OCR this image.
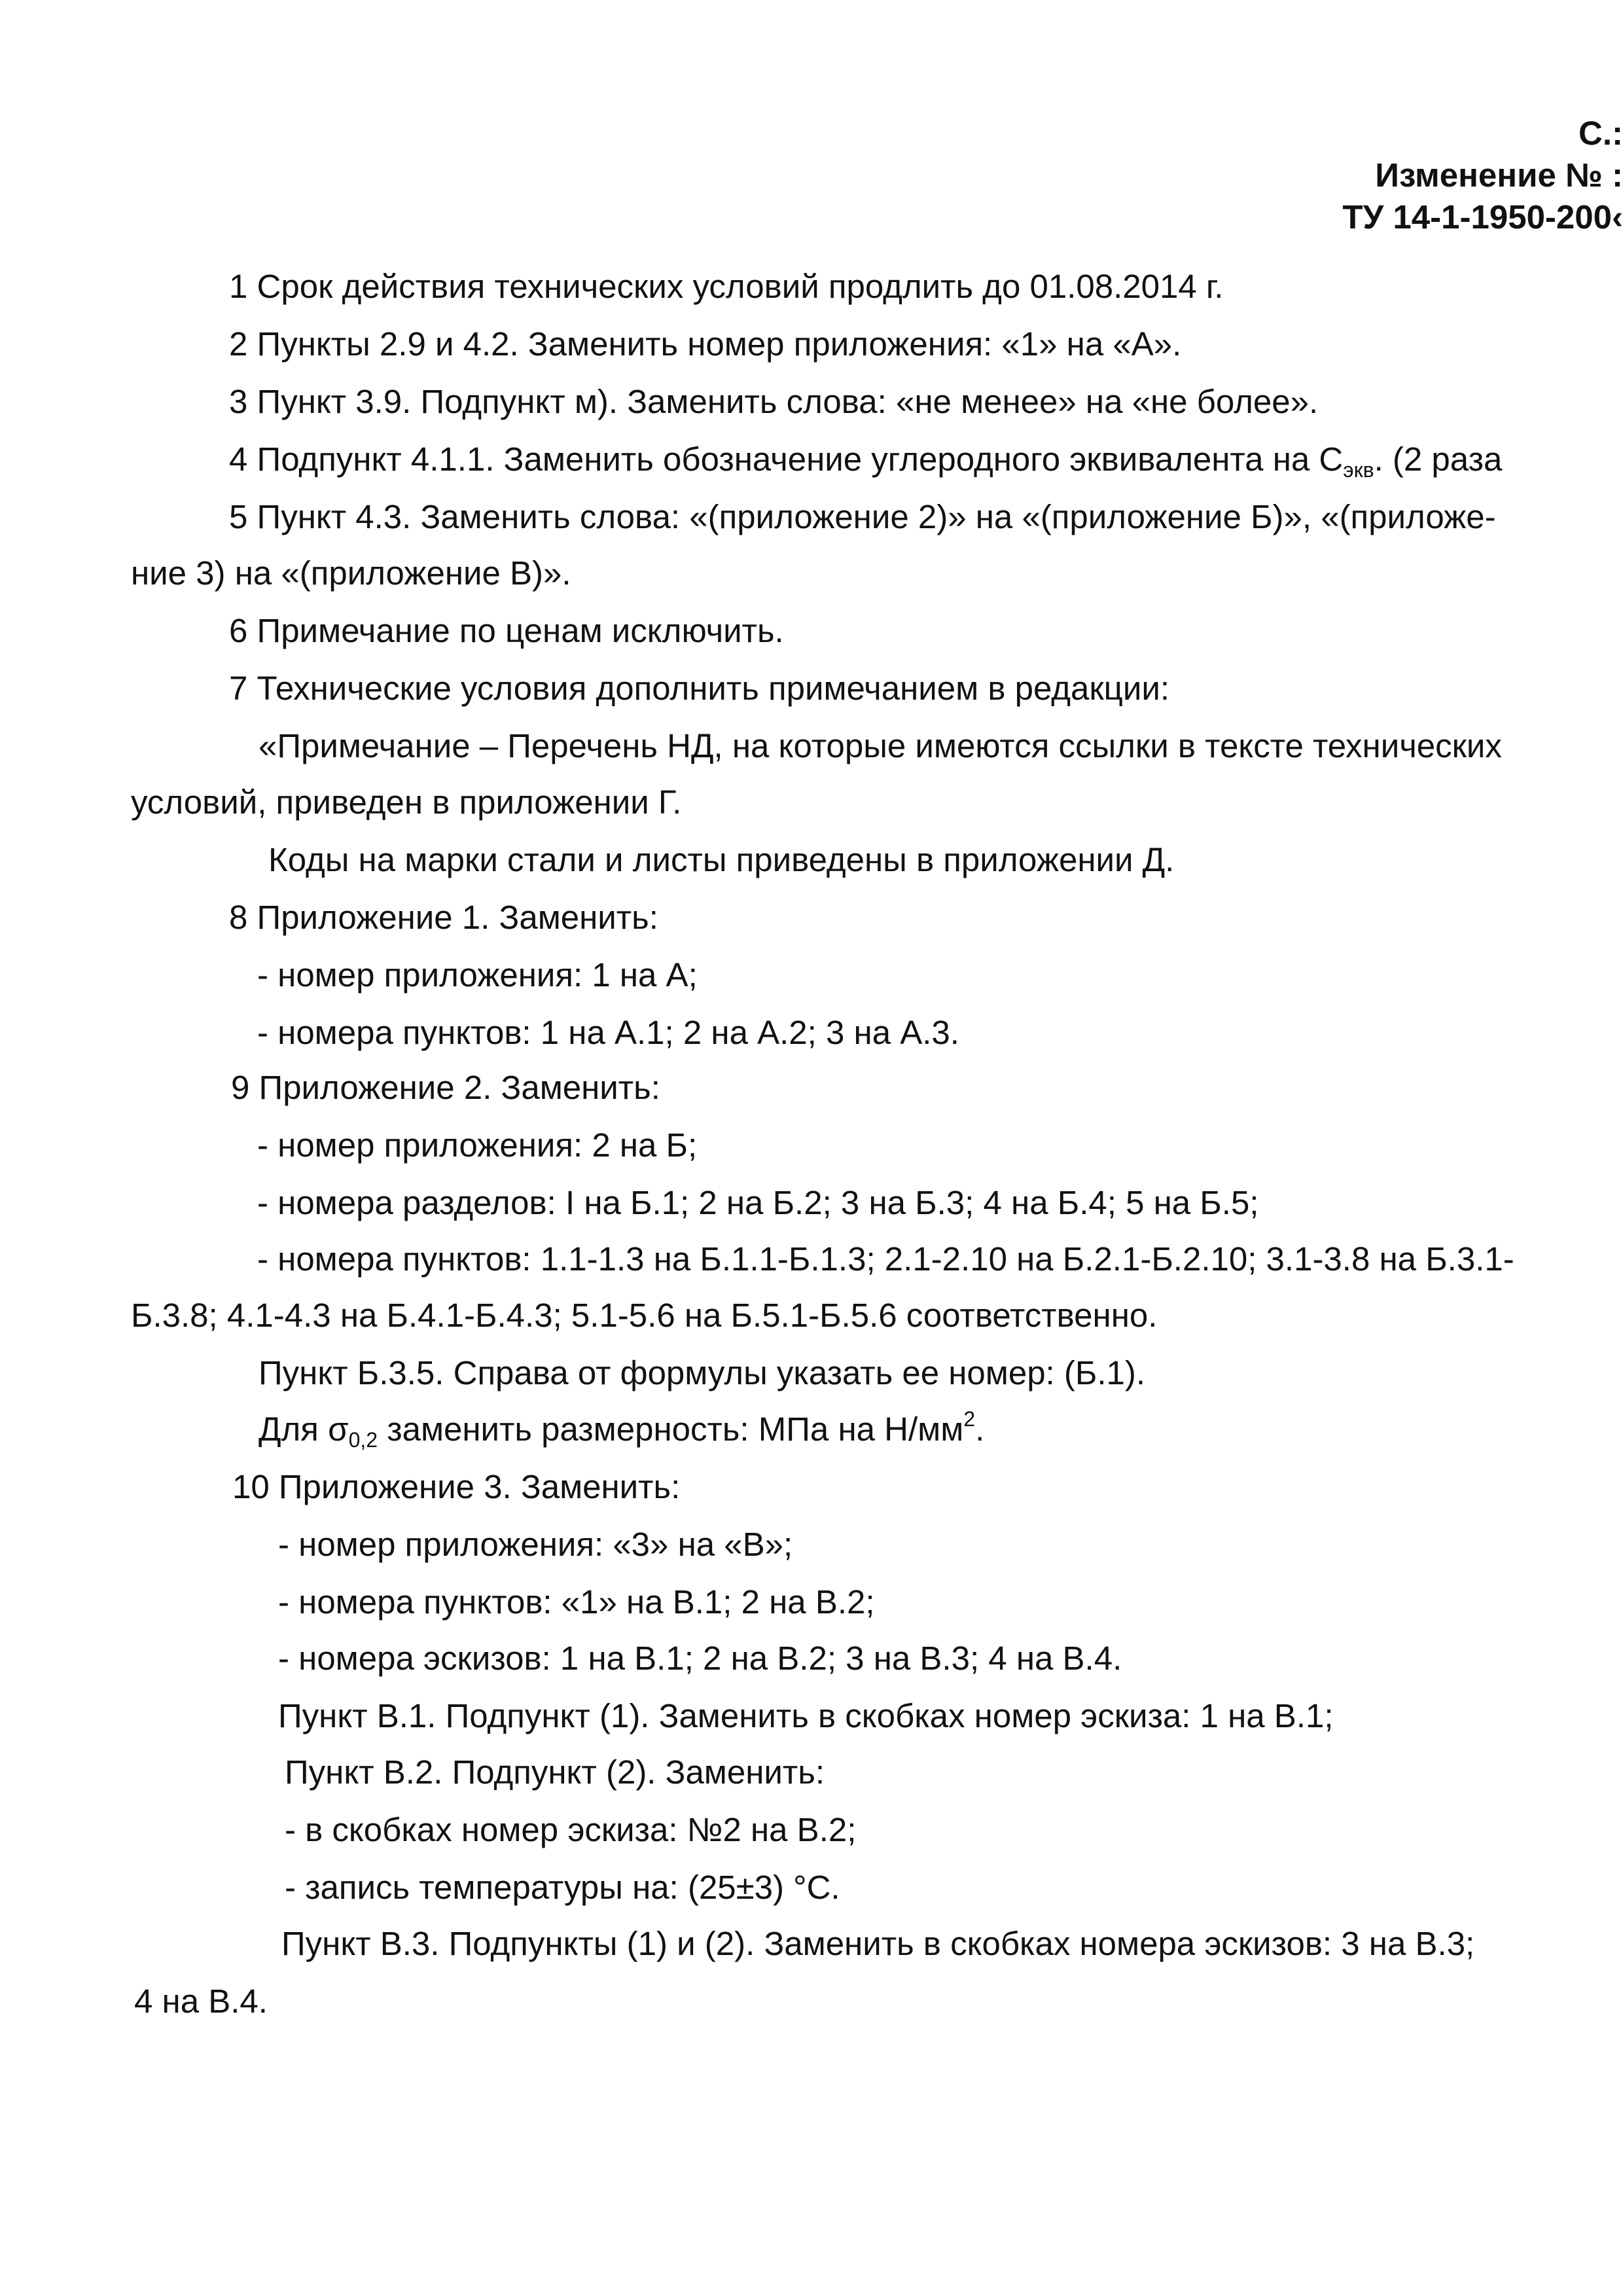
С.:
Изменение № :
ТУ 14-1-1950-200‹
1 Срок действия технических условий продлить до 01.08.2014 г.
2 Пункты 2.9 и 4.2. Заменить номер приложения: «1» на «А».
3 Пункт 3.9. Подпункт м). Заменить слова: «не менее» на «не более».
4 Подпункт 4.1.1. Заменить обозначение углеродного эквивалента на $С_{экв}$. (2 раза
5 Пункт 4.3. Заменить слова: «(приложение 2)» на «(приложение Б)», «(приложе-
ние 3) на «(приложение В)».
6 Примечание по ценам исключить.
7 Технические условия дополнить примечанием в редакции:
«Примечание – Перечень НД, на которые имеются ссылки в тексте технических
условий, приведен в приложении Г.
Коды на марки стали и листы приведены в приложении Д.
8 Приложение 1. Заменить:
- номер приложения: 1 на А;
- номера пунктов: 1 на А.1; 2 на А.2; 3 на А.3.
9 Приложение 2. Заменить:
- номер приложения: 2 на Б;
- номера разделов: I на Б.1; 2 на Б.2; 3 на Б.3; 4 на Б.4; 5 на Б.5;
- номера пунктов: 1.1-1.3 на Б.1.1-Б.1.3; 2.1-2.10 на Б.2.1-Б.2.10; 3.1-3.8 на Б.3.1-
Б.3.8; 4.1-4.3 на Б.4.1-Б.4.3; 5.1-5.6 на Б.5.1-Б.5.6 соответственно.
Пункт Б.3.5. Справа от формулы указать ее номер: (Б.1).
Для $\sigma_{0,2}$ заменить размерность: МПа на $Н/мм^2$.
10 Приложение 3. Заменить:
- номер приложения: «3» на «В»;
- номера пунктов: «1» на В.1; 2 на В.2;
- номера эскизов: 1 на В.1; 2 на В.2; 3 на В.3; 4 на В.4.
Пункт В.1. Подпункт (1). Заменить в скобках номер эскиза: 1 на В.1;
Пункт В.2. Подпункт (2). Заменить:
- в скобках номер эскиза: №2 на В.2;
- запись температуры на: (25±3) °С.
Пункт В.3. Подпункты (1) и (2). Заменить в скобках номера эскизов: 3 на В.3;
4 на В.4.
